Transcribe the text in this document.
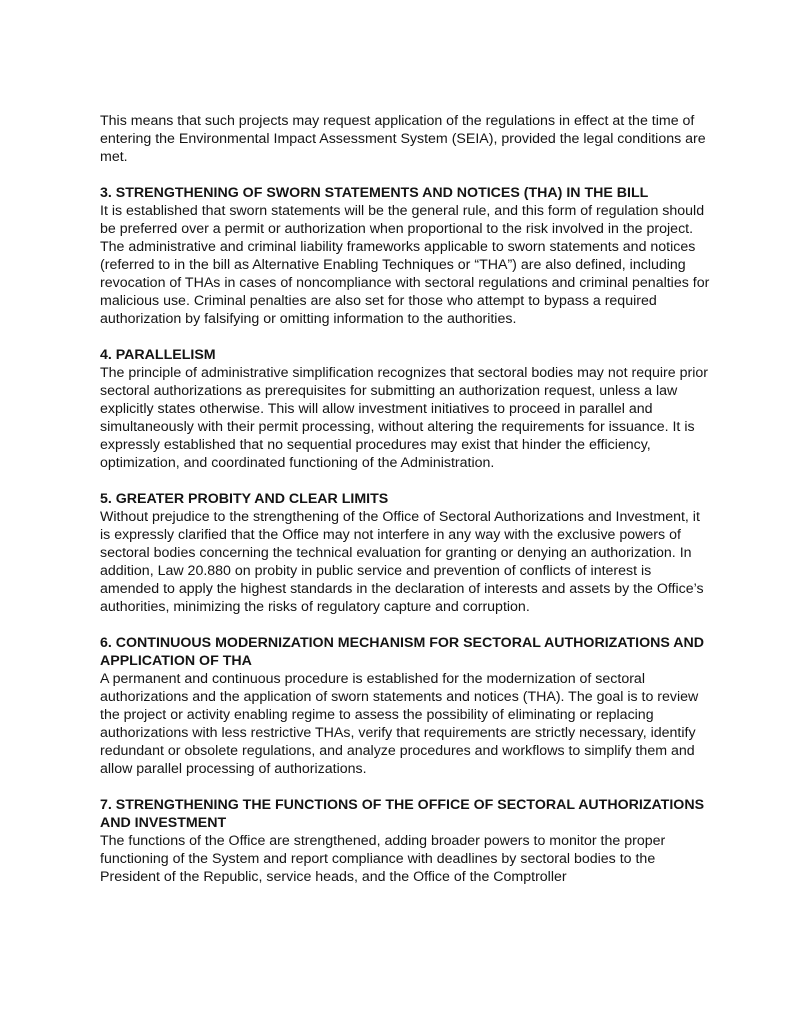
This means that such projects may request application of the regulations in effect at the time of entering the Environmental Impact Assessment System (SEIA), provided the legal conditions are met.

3. STRENGTHENING OF SWORN STATEMENTS AND NOTICES (THA) IN THE BILL

It is established that sworn statements will be the general rule, and this form of regulation should be preferred over a permit or authorization when proportional to the risk involved in the project. The administrative and criminal liability frameworks applicable to sworn statements and notices (referred to in the bill as Alternative Enabling Techniques or “THA”) are also defined, including revocation of THAs in cases of noncompliance with sectoral regulations and criminal penalties for malicious use. Criminal penalties are also set for those who attempt to bypass a required authorization by falsifying or omitting information to the authorities.

4. PARALLELISM

The principle of administrative simplification recognizes that sectoral bodies may not require prior sectoral authorizations as prerequisites for submitting an authorization request, unless a law explicitly states otherwise. This will allow investment initiatives to proceed in parallel and simultaneously with their permit processing, without altering the requirements for issuance. It is expressly established that no sequential procedures may exist that hinder the efficiency, optimization, and coordinated functioning of the Administration.

5. GREATER PROBITY AND CLEAR LIMITS

Without prejudice to the strengthening of the Office of Sectoral Authorizations and Investment, it is expressly clarified that the Office may not interfere in any way with the exclusive powers of sectoral bodies concerning the technical evaluation for granting or denying an authorization. In addition, Law 20.880 on probity in public service and prevention of conflicts of interest is amended to apply the highest standards in the declaration of interests and assets by the Office’s authorities, minimizing the risks of regulatory capture and corruption.

6. CONTINUOUS MODERNIZATION MECHANISM FOR SECTORAL AUTHORIZATIONS AND APPLICATION OF THA

A permanent and continuous procedure is established for the modernization of sectoral authorizations and the application of sworn statements and notices (THA). The goal is to review the project or activity enabling regime to assess the possibility of eliminating or replacing authorizations with less restrictive THAs, verify that requirements are strictly necessary, identify redundant or obsolete regulations, and analyze procedures and workflows to simplify them and allow parallel processing of authorizations.

7. STRENGTHENING THE FUNCTIONS OF THE OFFICE OF SECTORAL AUTHORIZATIONS AND INVESTMENT

The functions of the Office are strengthened, adding broader powers to monitor the proper functioning of the System and report compliance with deadlines by sectoral bodies to the President of the Republic, service heads, and the Office of the Comptroller
